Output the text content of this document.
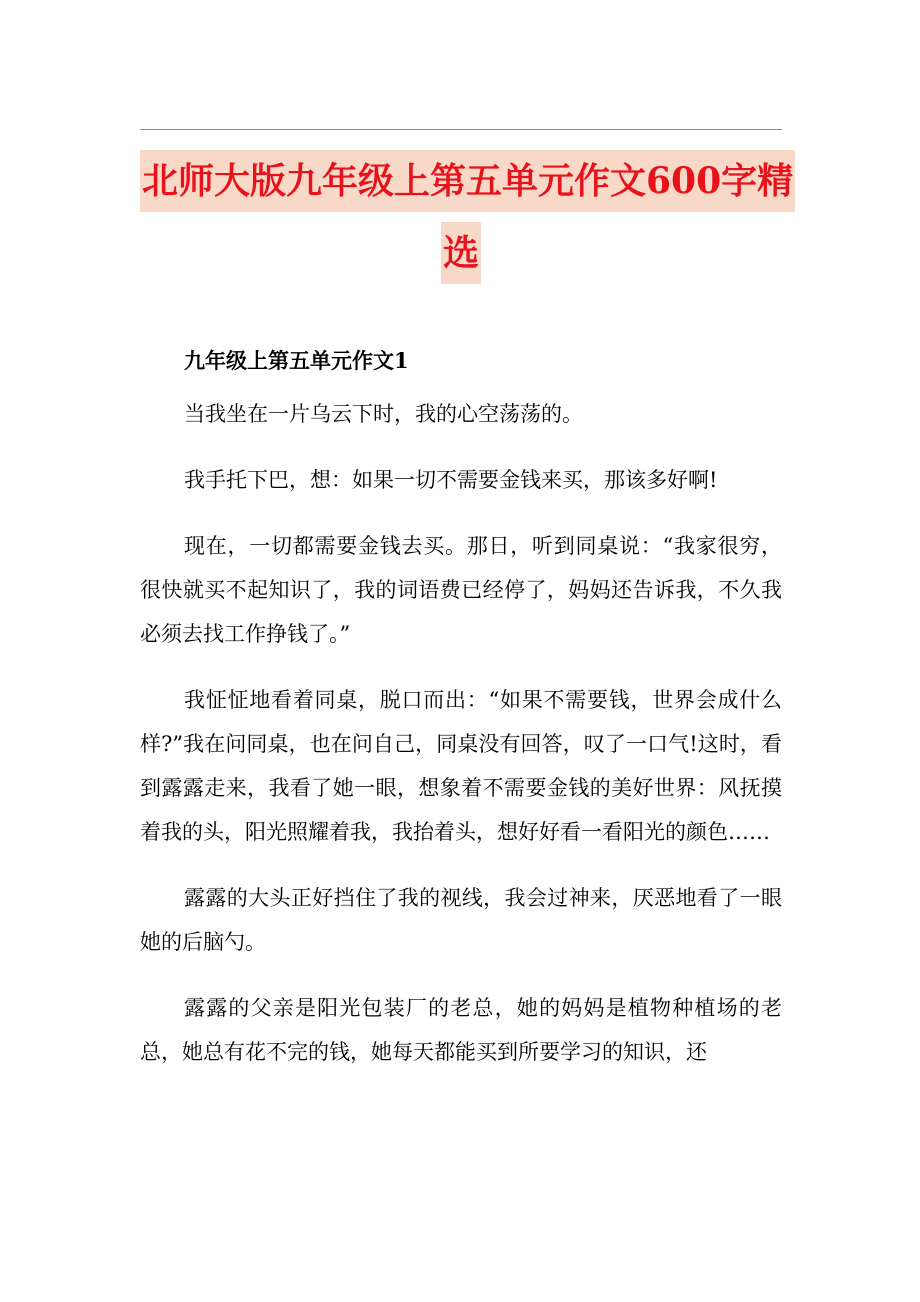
北师大版九年级上第五单元作文600字精
选

九年级上第五单元作文1

当我坐在一片乌云下时，我的心空荡荡的。

我手托下巴，想：如果一切不需要金钱来买，那该多好啊!

现在，一切都需要金钱去买。那日，听到同桌说：“我家很穷，很快就买不起知识了，我的词语费已经停了，妈妈还告诉我，不久我必须去找工作挣钱了。”

我怔怔地看着同桌，脱口而出：“如果不需要钱，世界会成什么样?”我在问同桌，也在问自己，同桌没有回答，叹了一口气!这时，看到露露走来，我看了她一眼，想象着不需要金钱的美好世界：风抚摸着我的头，阳光照耀着我，我抬着头，想好好看一看阳光的颜色……

露露的大头正好挡住了我的视线，我会过神来，厌恶地看了一眼她的后脑勺。

露露的父亲是阳光包装厂的老总，她的妈妈是植物种植场的老总，她总有花不完的钱，她每天都能买到所要学习的知识，还
